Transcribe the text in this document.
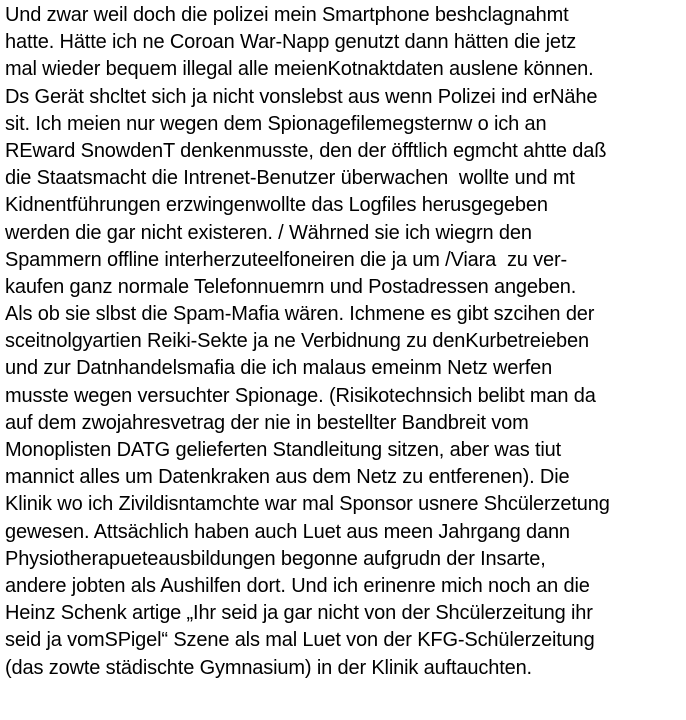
Und zwar weil doch die polizei mein Smartphone beshclagnahmt
hatte. Hätte ich ne Coroan War-Napp genutzt dann hätten die jetz
mal wieder bequem illegal alle meienKotnaktdaten auslene können.
Ds Gerät shcltet sich ja nicht vonslebst aus wenn Polizei ind erNähe
sit. Ich meien nur wegen dem Spionagefilemegsternw o ich an
REward SnowdenT denkenmusste, den der öfftlich egmcht ahtte daß
die Staatsmacht die Intrenet-Benutzer überwachen  wollte und mt
Kidnentführungen erzwingenwollte das Logfiles herusgegeben
werden die gar nicht existeren. / Währned sie ich wiegrn den
Spammern offline interherzuteelfoneiren die ja um /Viara  zu ver-
kaufen ganz normale Telefonnuemrn und Postadressen angeben.
Als ob sie slbst die Spam-Mafia wären. Ichmene es gibt szcihen der
sceitnolgyartien Reiki-Sekte ja ne Verbidnung zu denKurbetreieben
und zur Datnhandelsmafia die ich malaus emeinm Netz werfen
musste wegen versuchter Spionage. (Risikotechnsich belibt man da
auf dem zwojahresvetrag der nie in bestellter Bandbreit vom
Monoplisten DATG gelieferten Standleitung sitzen, aber was tiut
mannict alles um Datenkraken aus dem Netz zu entferenen). Die
Klinik wo ich Zivildisntamchte war mal Sponsor usnere Shcülerzetung
gewesen. Attsächlich haben auch Luet aus meen Jahrgang dann
Physiotherapueteausbildungen begonne aufgrudn der Insarte,
andere jobten als Aushilfen dort. Und ich erinenre mich noch an die
Heinz Schenk artige „Ihr seid ja gar nicht von der Shcülerzeitung ihr
seid ja vomSPigel“ Szene als mal Luet von der KFG-Schülerzeitung
(das zowte städischte Gymnasium) in der Klinik auftauchten.
